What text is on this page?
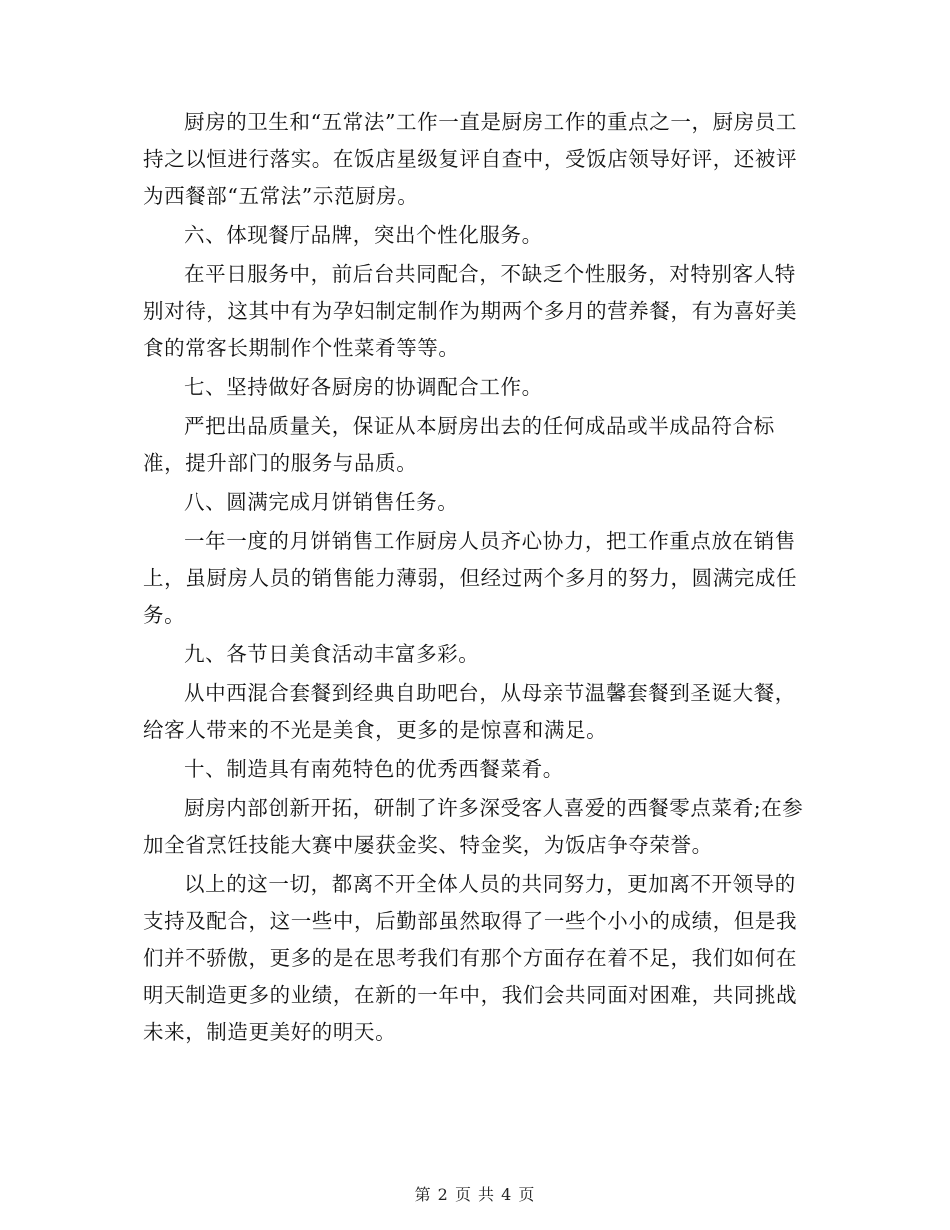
厨房的卫生和“五常法”工作一直是厨房工作的重点之一，厨房员工持之以恒进行落实。在饭店星级复评自查中，受饭店领导好评，还被评为西餐部“五常法”示范厨房。

六、体现餐厅品牌，突出个性化服务。

在平日服务中，前后台共同配合，不缺乏个性服务，对特别客人特别对待，这其中有为孕妇制定制作为期两个多月的营养餐，有为喜好美食的常客长期制作个性菜肴等等。

七、坚持做好各厨房的协调配合工作。

严把出品质量关，保证从本厨房出去的任何成品或半成品符合标准，提升部门的服务与品质。

八、圆满完成月饼销售任务。

一年一度的月饼销售工作厨房人员齐心协力，把工作重点放在销售上，虽厨房人员的销售能力薄弱，但经过两个多月的努力，圆满完成任务。

九、各节日美食活动丰富多彩。

从中西混合套餐到经典自助吧台，从母亲节温馨套餐到圣诞大餐，给客人带来的不光是美食，更多的是惊喜和满足。

十、制造具有南苑特色的优秀西餐菜肴。

厨房内部创新开拓，研制了许多深受客人喜爱的西餐零点菜肴;在参加全省烹饪技能大赛中屡获金奖、特金奖，为饭店争夺荣誉。

以上的这一切，都离不开全体人员的共同努力，更加离不开领导的支持及配合，这一些中，后勤部虽然取得了一些个小小的成绩，但是我们并不骄傲，更多的是在思考我们有那个方面存在着不足，我们如何在明天制造更多的业绩，在新的一年中，我们会共同面对困难，共同挑战未来，制造更美好的明天。

第 2 页 共 4 页
